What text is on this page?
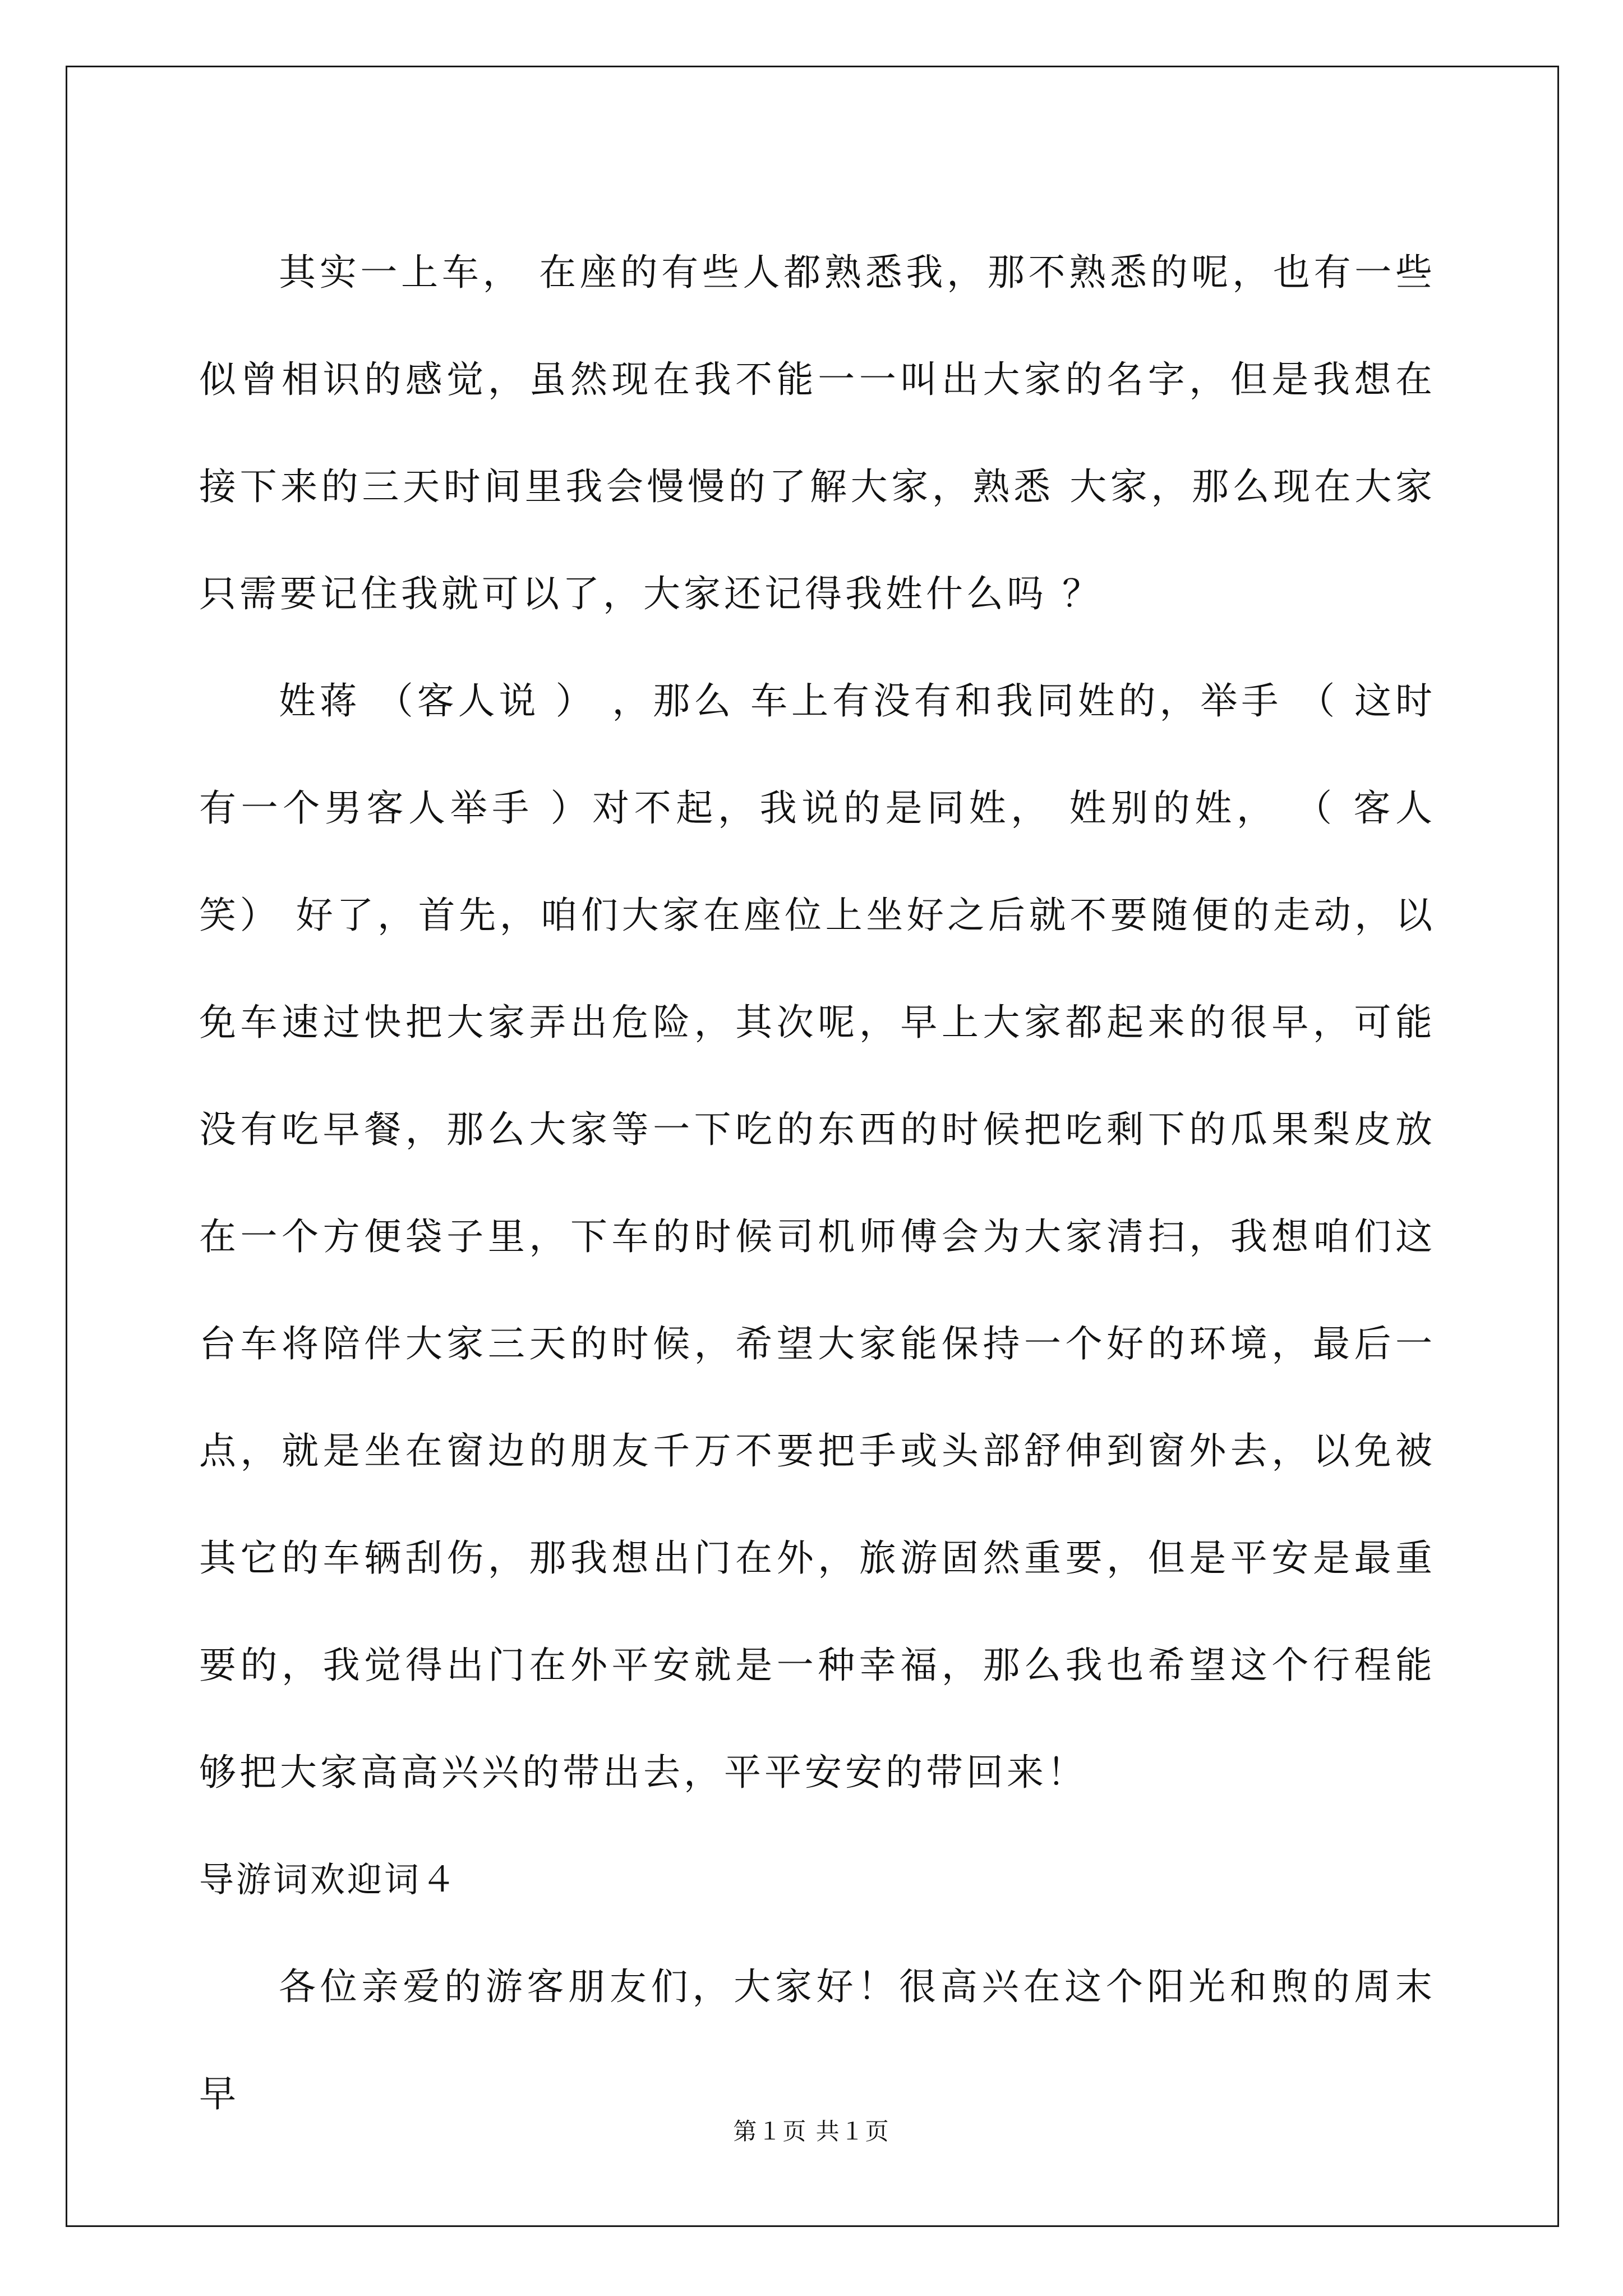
其实一上车， 在座的有些人都熟悉我，那不熟悉的呢，也有一些似曾相识的感觉，虽然现在我不能一一叫出大家的名字，但是我想在接下来的三天时间里我会慢慢的了解大家，熟悉 大家，那么现在大家只需要记住我就可以了，大家还记得我姓什么吗 ？

姓蒋 （客人说 ） ，那么 车上有没有和我同姓的，举手 （ 这时有一个男客人举手 ）对不起，我说的是同姓， 姓别的姓， （ 客人笑） 好了，首先，咱们大家在座位上坐好之后就不要随便的走动，以免车速过快把大家弄出危险，其次呢，早上大家都起来的很早，可能没有吃早餐，那么大家等一下吃的东西的时候把吃剩下的瓜果梨皮放在一个方便袋子里，下车的时候司机师傅会为大家清扫，我想咱们这台车将陪伴大家三天的时候，希望大家能保持一个好的环境，最后一点，就是坐在窗边的朋友千万不要把手或头部舒伸到窗外去，以免被其它的车辆刮伤，那我想出门在外，旅游固然重要，但是平安是最重要的，我觉得出门在外平安就是一种幸福，那么我也希望这个行程能够把大家高高兴兴的带出去，平平安安的带回来！

导游词欢迎词４

各位亲爱的游客朋友们，大家好！很高兴在这个阳光和煦的周末早

第１页 共１页
